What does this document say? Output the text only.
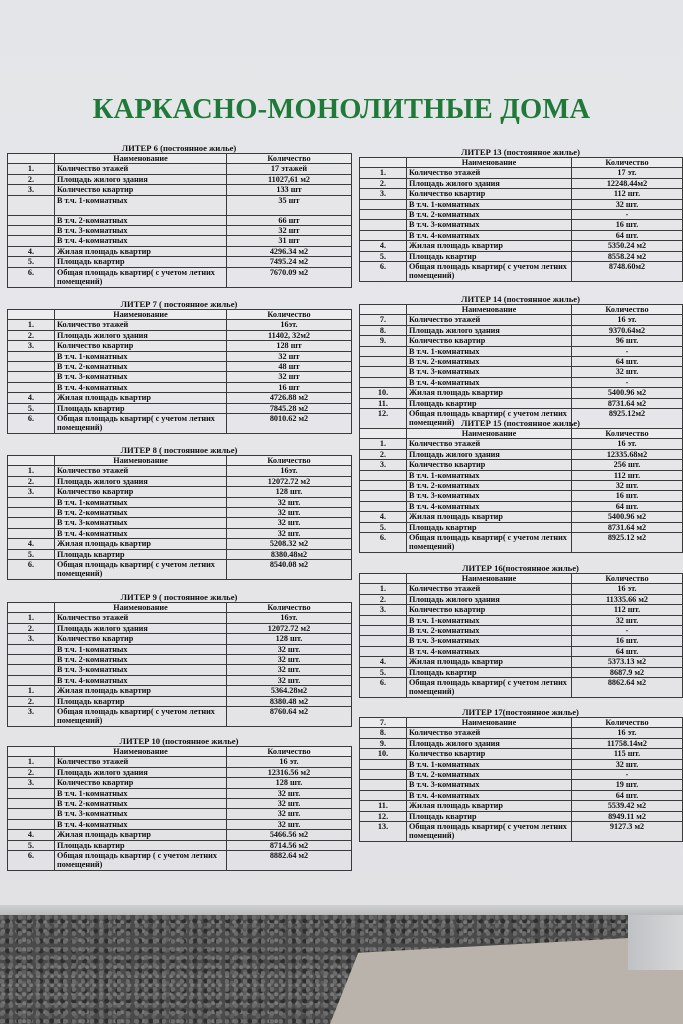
КАРКАСНО-МОНОЛИТНЫЕ ДОМА
ЛИТЕР 6 (постоянное жилье)
	Наименование	Количество
1.	Количество этажей	17 этажей
2.	Площадь жилого здания	11027,61 м2
3.	Количество квартир	133 шт
	В т.ч. 1-комнатных	35 шт
	В т.ч. 2-комнатных	66 шт
	В т.ч. 3-комнатных	32 шт
	В т.ч. 4-комнатных	31 шт
4.	Жилая площадь квартир	4296.34 м2
5.	Площадь квартир	7495.24 м2
6.	Общая площадь квартир( с учетом летних помещений)	7670.09 м2
ЛИТЕР 7 ( постоянное жилье)
	Наименование	Количество
1.	Количество этажей	16эт.
2.	Площадь жилого здания	11402, 32м2
3.	Количество квартир	128 шт
	В т.ч. 1-комнатных	32 шт
	В т.ч. 2-комнатных	48 шт
	В т.ч. 3-комнатных	32 шт
	В т.ч. 4-комнатных	16 шт
4.	Жилая площадь квартир	4726.88 м2
5.	Площадь квартир	7845.28 м2
6.	Общая площадь квартир( с учетом летних помещений)	8010.62 м2
ЛИТЕР 8 ( постоянное жилье)
	Наименование	Количество
1.	Количество этажей	16эт.
2.	Площадь жилого здания	12072.72 м2
3.	Количество квартир	128 шт.
	В т.ч. 1-комнатных	32 шт.
	В т.ч. 2-комнатных	32 шт.
	В т.ч. 3-комнатных	32 шт.
	В т.ч. 4-комнатных	32 шт.
4.	Жилая площадь квартир	5208.32 м2
5.	Площадь квартир	8380.48м2
6.	Общая площадь квартир( с учетом летних помещений)	8540.08 м2
ЛИТЕР 9 ( постоянное жилье)
	Наименование	Количество
1.	Количество этажей	16эт.
2.	Площадь жилого здания	12072.72 м2
3.	Количество квартир	128 шт.
	В т.ч. 1-комнатных	32 шт.
	В т.ч. 2-комнатных	32 шт.
	В т.ч. 3-комнатных	32 шт.
	В т.ч. 4-комнатных	32 шт.
1.	Жилая площадь квартир	5364.28м2
2.	Площадь квартир	8380.48 м2
3.	Общая площадь квартир( с учетом летних помещений)	8760.64 м2
ЛИТЕР 10 (постоянное жилье)
	Наименование	Количество
1.	Количество этажей	16 эт.
2.	Площадь жилого здания	12316.56 м2
3.	Количество квартир	128 шт.
	В т.ч. 1-комнатных	32 шт.
	В т.ч. 2-комнатных	32 шт.
	В т.ч. 3-комнатных	32 шт.
	В т.ч. 4-комнатных	32 шт.
4.	Жилая площадь квартир	5466.56 м2
5.	Площадь квартир	8714.56 м2
6.	Общая площадь квартир ( с учетом летних помещений)	8882.64 м2
ЛИТЕР 13 (постоянное жилье)
	Наименование	Количество
1.	Количество этажей	17 эт.
2.	Площадь жилого здания	12248.44м2
3.	Количество квартир	112 шт.
	В т.ч. 1-комнатных	32 шт.
	В т.ч. 2-комнатных	-
	В т.ч. 3-комнатных	16 шт.
	В т.ч. 4-комнатных	64 шт.
4.	Жилая площадь квартир	5350.24 м2
5.	Площадь квартир	8558.24 м2
6.	Общая площадь квартир( с учетом летних помещений)	8748.60м2
ЛИТЕР 14 (постоянное жилье)
	Наименование	Количество
7.	Количество этажей	16 эт.
8.	Площадь жилого здания	9370.64м2
9.	Количество квартир	96 шт.
	В т.ч. 1-комнатных	-
	В т.ч. 2-комнатных	64 шт.
	В т.ч. 3-комнатных	32 шт.
	В т.ч. 4-комнатных	-
10.	Жилая площадь квартир	5400.96 м2
11.	Площадь квартир	8731.64 м2
12.	Общая площадь квартир( с учетом летних помещений)	8925.12м2
ЛИТЕР 15 (постоянное жилье)
	Наименование	Количество
1.	Количество этажей	16 эт.
2.	Площадь жилого здания	12335.68м2
3.	Количество квартир	256 шт.
	В т.ч. 1-комнатных	112 шт.
	В т.ч. 2-комнатных	32 шт.
	В т.ч. 3-комнатных	16 шт.
	В т.ч. 4-комнатных	64 шт.
4.	Жилая площадь квартир	5400.96 м2
5.	Площадь квартир	8731.64 м2
6.	Общая площадь квартир( с учетом летних помещений)	8925.12 м2
ЛИТЕР 16(постоянное жилье)
	Наименование	Количество
1.	Количество этажей	16 эт.
2.	Площадь жилого здания	11335.66 м2
3.	Количество квартир	112 шт.
	В т.ч. 1-комнатных	32 шт.
	В т.ч. 2-комнатных	-
	В т.ч. 3-комнатных	16 шт.
	В т.ч. 4-комнатных	64 шт.
4.	Жилая площадь квартир	5373.13 м2
5.	Площадь квартир	8687.9 м2
6.	Общая площадь квартир( с учетом летних помещений)	8862.64 м2
ЛИТЕР 17(постоянное жилье)
7.	Наименование	Количество
8.	Количество этажей	16 эт.
9.	Площадь жилого здания	11758.14м2
10.	Количество квартир	115 шт.
	В т.ч. 1-комнатных	32 шт.
	В т.ч. 2-комнатных	-
	В т.ч. 3-комнатных	19 шт.
	В т.ч. 4-комнатных	64 шт.
11.	Жилая площадь квартир	5539.42 м2
12.	Площадь квартир	8949.11 м2
13.	Общая площадь квартир( с учетом летних помещений)	9127.3 м2
